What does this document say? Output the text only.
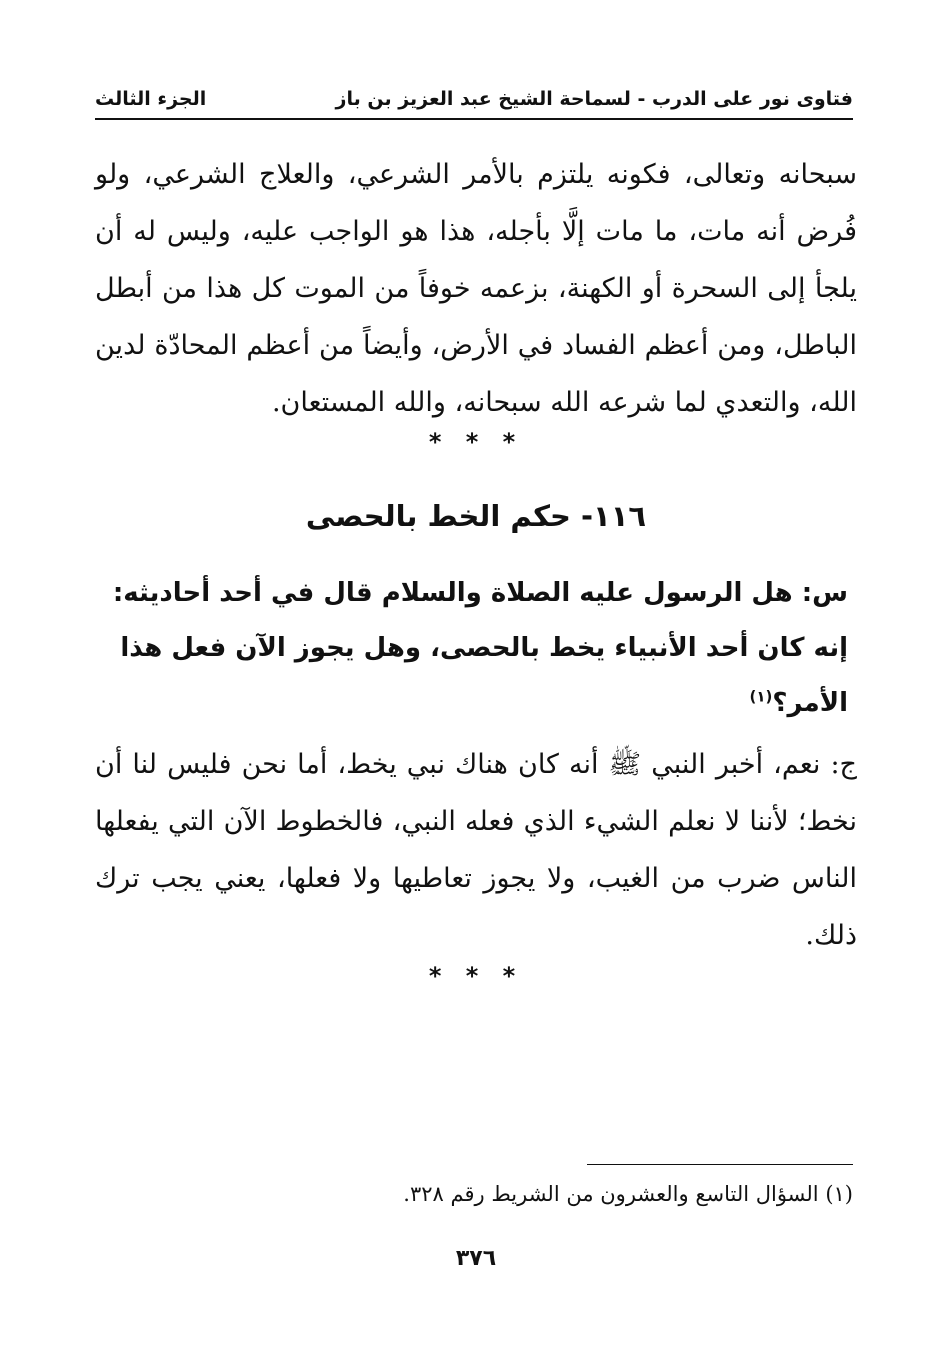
فتاوى نور على الدرب - لسماحة الشيخ عبد العزيز بن باز
الجزء الثالث
سبحانه وتعالى، فكونه يلتزم بالأمر الشرعي، والعلاج الشرعي، ولو فُرض أنه مات، ما مات إلَّا بأجله، هذا هو الواجب عليه، وليس له أن يلجأ إلى السحرة أو الكهنة، بزعمه خوفاً من الموت كل هذا من أبطل الباطل، ومن أعظم الفساد في الأرض، وأيضاً من أعظم المحادّة لدين الله، والتعدي لما شرعه الله سبحانه، والله المستعان.
* * *
١١٦- حكم الخط بالحصى
س: هل الرسول عليه الصلاة والسلام قال في أحد أحاديثه: إنه كان أحد الأنبياء يخط بالحصى، وهل يجوز الآن فعل هذا الأمر؟$^{(١)}$
ج: نعم، أخبر النبي ﷺ أنه كان هناك نبي يخط، أما نحن فليس لنا أن نخط؛ لأننا لا نعلم الشيء الذي فعله النبي، فالخطوط الآن التي يفعلها الناس ضرب من الغيب، ولا يجوز تعاطيها ولا فعلها، يعني يجب ترك ذلك.
* * *
(١) السؤال التاسع والعشرون من الشريط رقم ٣٢٨.
٣٧٦
